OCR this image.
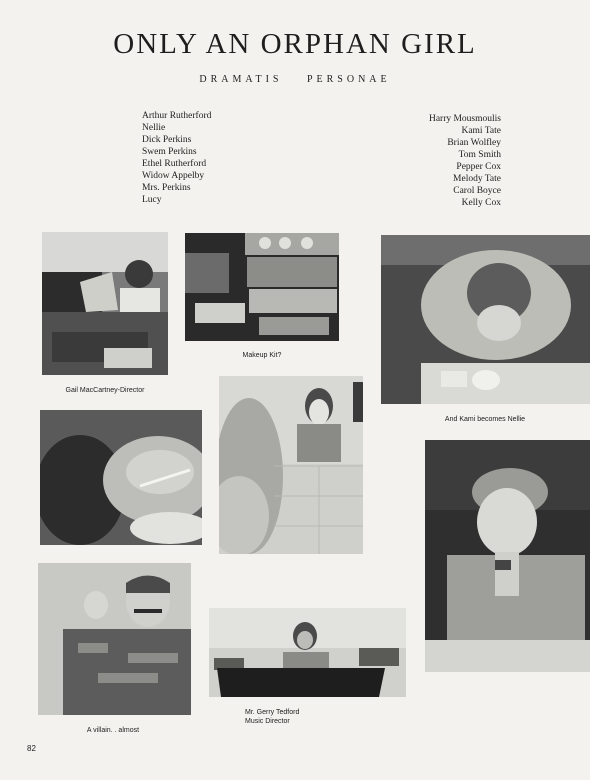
ONLY AN ORPHAN GIRL
DRAMATIS PERSONAE
Arthur Rutherford
Nellie
Dick Perkins
Swem Perkins
Ethel Rutherford
Widow Appelby
Mrs. Perkins
Lucy
Harry Mousmoulis
Kami Tate
Brian Wolfley
Tom Smith
Pepper Cox
Melody Tate
Carol Boyce
Kelly Cox
Gail MacCartney-Director
Makeup Kit?
And Kami becomes Nellie
A villain. . almost
Mr. Gerry Tedford
Music Director
82
